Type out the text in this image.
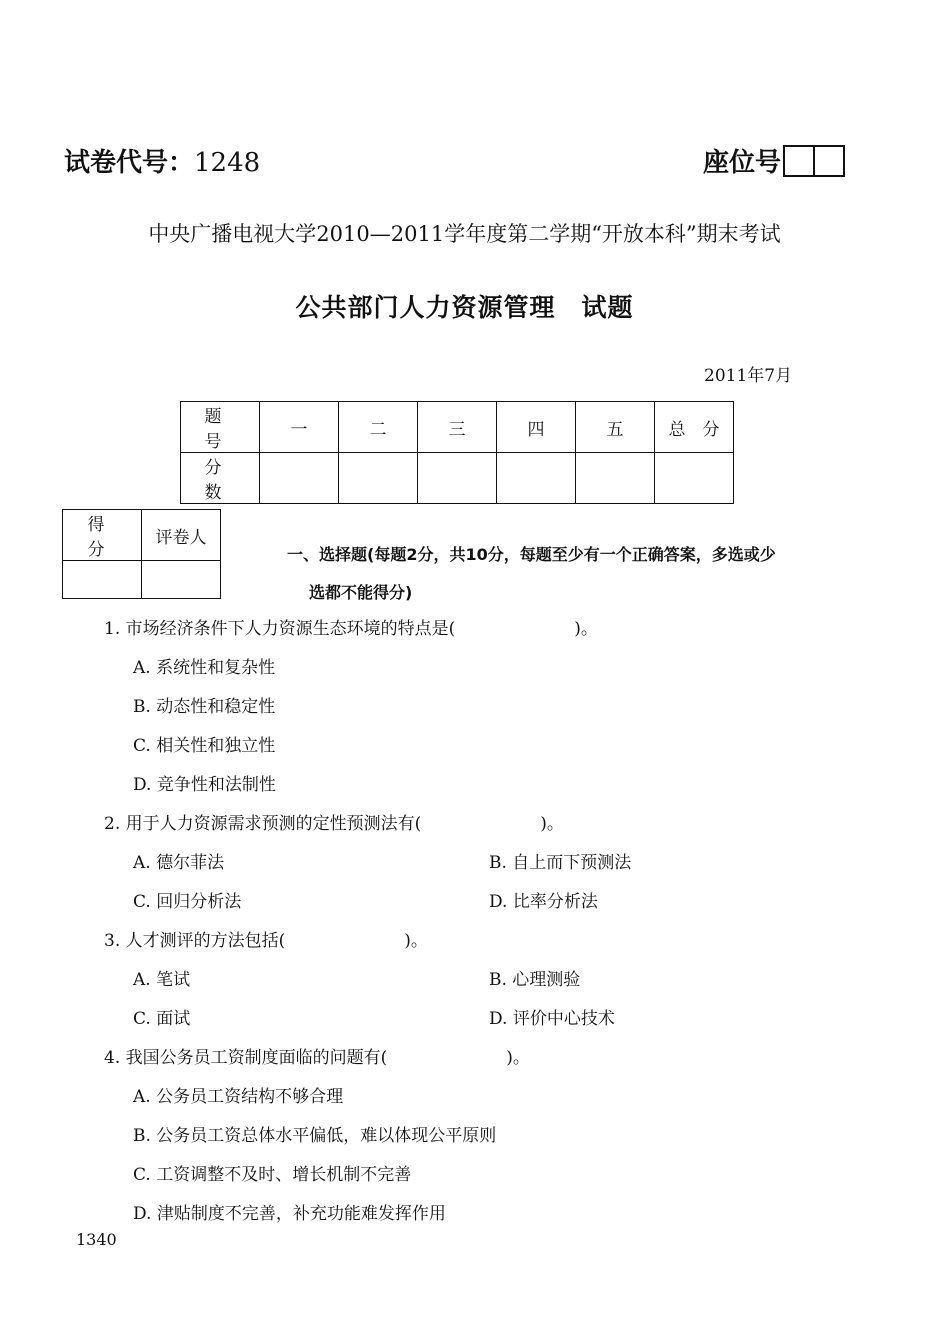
试卷代号：1248	座位号
中央广播电视大学2010—2011学年度第二学期“开放本科”期末考试
公共部门人力资源管理　试题
2011年7月
题　号	一	二	三	四	五	总　分
分　数						
得　分	评卷人

一、选择题(每题2分，共10分，每题至少有一个正确答案，多选或少
选都不能得分)
1. 市场经济条件下人力资源生态环境的特点是(　　　　　　　)。
A. 系统性和复杂性
B. 动态性和稳定性
C. 相关性和独立性
D. 竞争性和法制性
2. 用于人力资源需求预测的定性预测法有(　　　　　　　)。
A. 德尔菲法	B. 自上而下预测法
C. 回归分析法	D. 比率分析法
3. 人才测评的方法包括(　　　　　　　)。
A. 笔试	B. 心理测验
C. 面试	D. 评价中心技术
4. 我国公务员工资制度面临的问题有(　　　　　　　)。
A. 公务员工资结构不够合理
B. 公务员工资总体水平偏低，难以体现公平原则
C. 工资调整不及时、增长机制不完善
D. 津贴制度不完善，补充功能难发挥作用
1340
